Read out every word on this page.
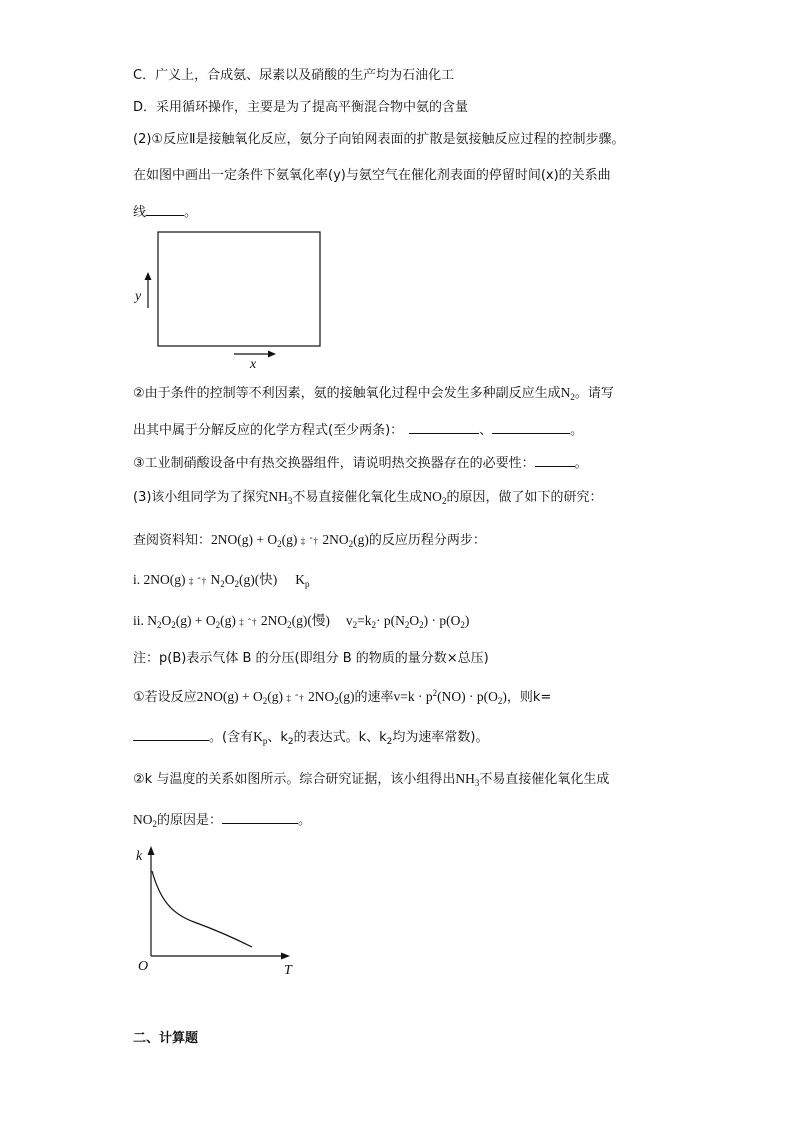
C．广义上，合成氨、尿素以及硝酸的生产均为石油化工
D．采用循环操作，主要是为了提高平衡混合物中氨的含量
(2)①反应Ⅱ是接触氧化反应，氨分子向铂网表面的扩散是氨接触反应过程的控制步骤。
在如图中画出一定条件下氨氧化率(y)与氨空气在催化剂表面的停留时间(x)的关系曲
线	。
y
x
②由于条件的控制等不利因素，氨的接触氧化过程中会发生多种副反应生成$N_2$。请写
出其中属于分解反应的化学方程式(至少两条)：	、	。
③工业制硝酸设备中有热交换器组件，请说明热交换器存在的必要性：	。
(3)该小组同学为了探究$NH_3$不易直接催化氧化生成$NO_2$的原因，做了如下的研究：
查阅资料知：$2NO(g) + O_2(g)$ ‡ ˆ† $2NO_2(g)$的反应历程分两步：
i. 2NO(g) ‡ ˆ† $N_2O_2(g)$(快) $K_p$
ii. $N_2O_2(g) + O_2(g)$ ‡ ˆ† $2NO_2(g)$(慢) $v_2=k_2\cdot p(N_2O_2) \cdot p(O_2)$
注：p(B)表示气体 B 的分压(即组分 B 的物质的量分数×总压)
①若设反应$2NO(g) + O_2(g)$ ‡ ˆ† $2NO_2(g)$的速率$v=k \cdot p^2(NO) \cdot p(O_2)$，则k=
。(含有$K_p$、$k_2$的表达式。k、$k_2$均为速率常数)。
②k 与温度的关系如图所示。综合研究证据，该小组得出$NH_3$不易直接催化氧化生成
$NO_2$的原因是：	。
k
O	T
二、计算题
